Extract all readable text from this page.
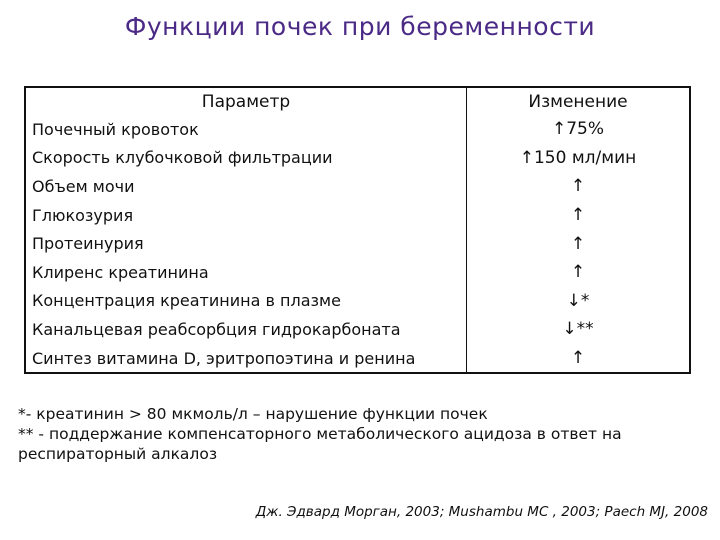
Функции почек при беременности
Параметр	Изменение
Почечный кровоток	↑75%
Скорость клубочковой фильтрации	↑150 мл/мин
Объем мочи	↑
Глюкозурия	↑
Протеинурия	↑
Клиренс креатинина	↑
Концентрация креатинина в плазме	↓*
Канальцевая реабсорбция гидрокарбоната	↓**
Синтез витамина D, эритропоэтина и ренина	↑

*- креатинин > 80 мкмоль/л – нарушение функции почек

** - поддержание компенсаторного метаболического ацидоза в ответ на респираторный алкалоз

Дж. Эдвард Морган, 2003; Mushambu MC , 2003; Paech MJ, 2008
